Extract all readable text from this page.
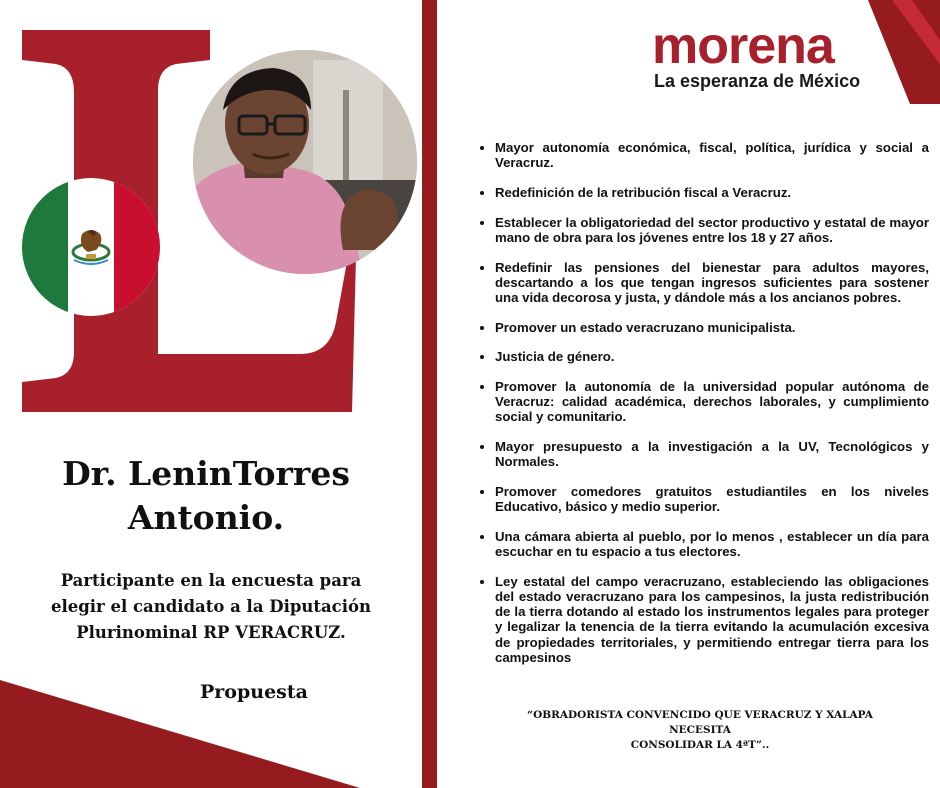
Dr. LeninTorres
Antonio.

Participante en la encuesta para
elegir el candidato a la Diputación
Plurinominal RP VERACRUZ.

Propuesta

morena

La esperanza de México

• Mayor autonomía económica, fiscal, política, jurídica y social a Veracruz.
• Redefinición de la retribución fiscal a Veracruz.
• Establecer la obligatoriedad del sector productivo y estatal de mayor mano de obra para los jóvenes entre los 18 y 27 años.
• Redefinir las pensiones del bienestar para adultos mayores, descartando a los que tengan ingresos suficientes para sostener una vida decorosa y justa, y dándole más a los ancianos pobres.
• Promover un estado veracruzano municipalista.
• Justicia de género.
• Promover la autonomía de la universidad popular autónoma de Veracruz: calidad académica, derechos laborales, y cumplimiento social y comunitario.
• Mayor presupuesto a la investigación a la UV, Tecnológicos y Normales.
• Promover comedores gratuitos estudiantiles en los niveles Educativo, básico y medio superior.
• Una cámara abierta al pueblo, por lo menos , establecer un día para escuchar en tu espacio a tus electores.
• Ley estatal del campo veracruzano, estableciendo las obligaciones del estado veracruzano para los campesinos, la justa redistribución de la tierra dotando al estado los instrumentos legales para proteger y legalizar la tenencia de la tierra evitando la acumulación excesiva de propiedades territoriales, y permitiendo entregar tierra para los campesinos

“OBRADORISTA CONVENCIDO QUE VERACRUZ Y XALAPA NECESITA
CONSOLIDAR LA 4ªT”..
